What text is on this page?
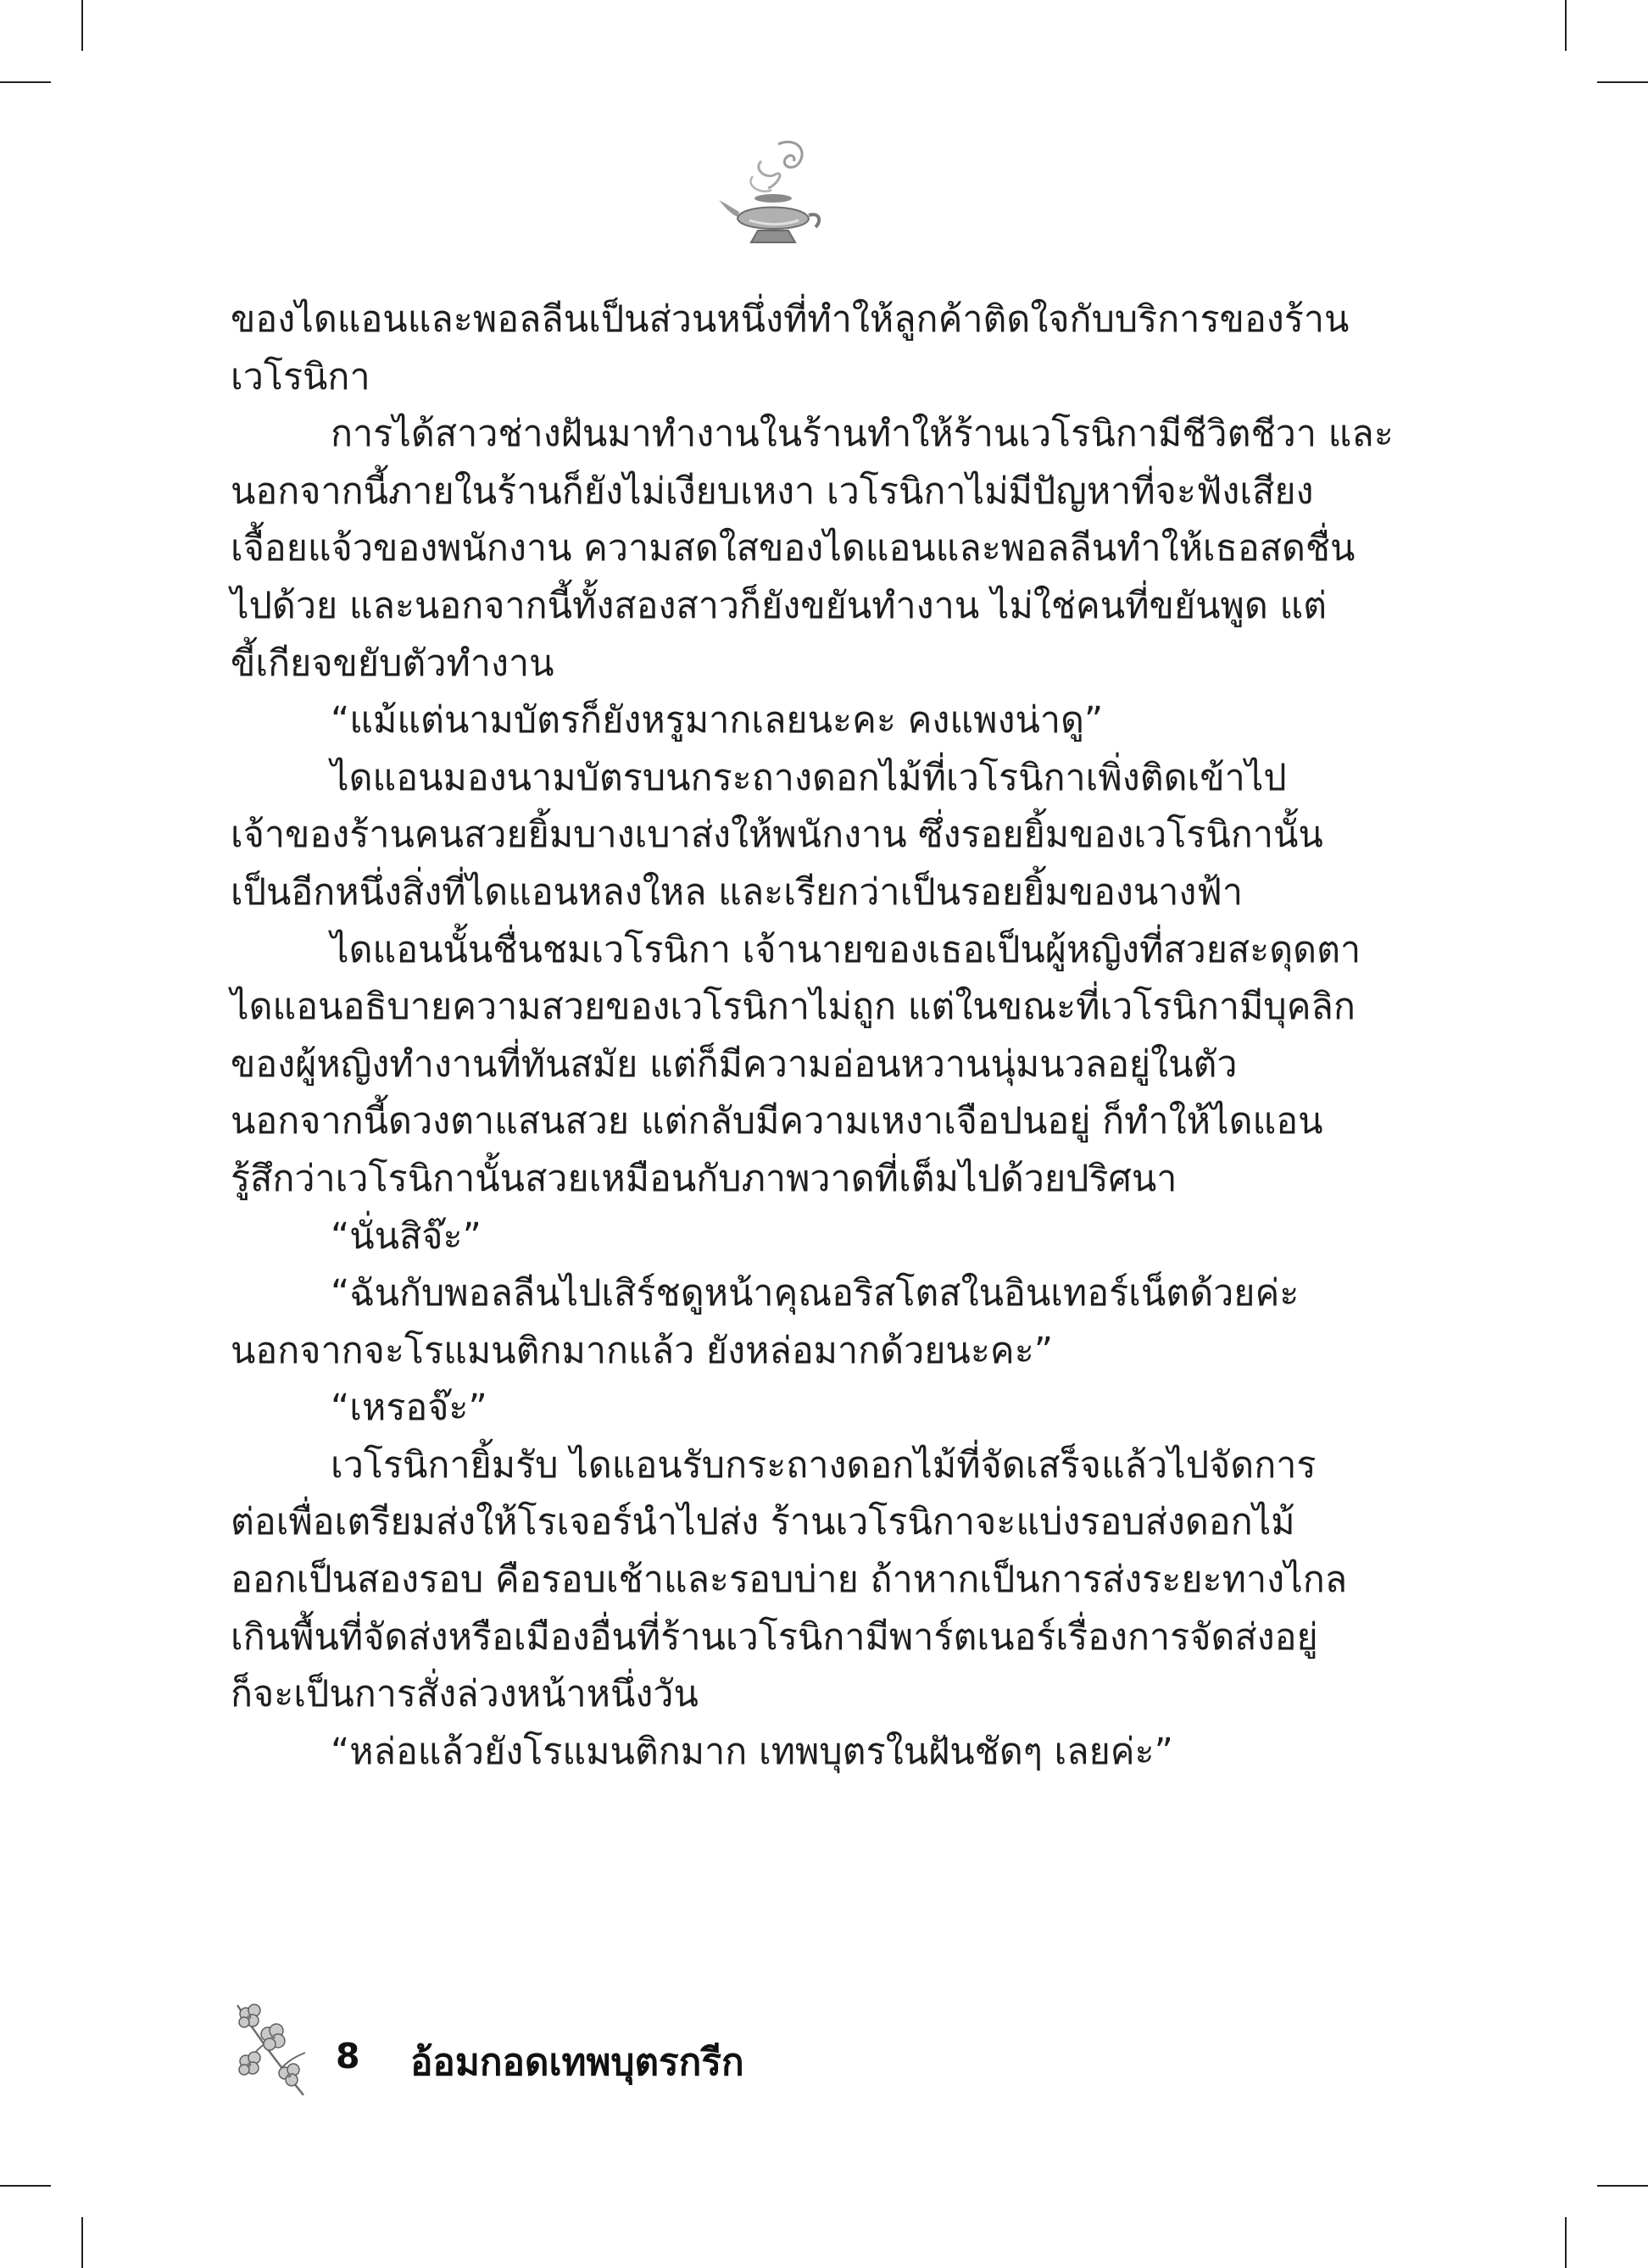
ของไดแอนและพอลลีนเป็นส่วนหนึ่งที่ทำให้ลูกค้าติดใจกับบริการของร้าน
เวโรนิกา
การได้สาวช่างฝันมาทำงานในร้านทำให้ร้านเวโรนิกามีชีวิตชีวา และ
นอกจากนี้ภายในร้านก็ยังไม่เงียบเหงา เวโรนิกาไม่มีปัญหาที่จะฟังเสียง
เจื้อยแจ้วของพนักงาน ความสดใสของไดแอนและพอลลีนทำให้เธอสดชื่น
ไปด้วย และนอกจากนี้ทั้งสองสาวก็ยังขยันทำงาน ไม่ใช่คนที่ขยันพูด แต่
ขี้เกียจขยับตัวทำงาน
“แม้แต่นามบัตรก็ยังหรูมากเลยนะคะ คงแพงน่าดู”
ไดแอนมองนามบัตรบนกระถางดอกไม้ที่เวโรนิกาเพิ่งติดเข้าไป
เจ้าของร้านคนสวยยิ้มบางเบาส่งให้พนักงาน ซึ่งรอยยิ้มของเวโรนิกานั้น
เป็นอีกหนึ่งสิ่งที่ไดแอนหลงใหล และเรียกว่าเป็นรอยยิ้มของนางฟ้า
ไดแอนนั้นชื่นชมเวโรนิกา เจ้านายของเธอเป็นผู้หญิงที่สวยสะดุดตา
ไดแอนอธิบายความสวยของเวโรนิกาไม่ถูก แต่ในขณะที่เวโรนิกามีบุคลิก
ของผู้หญิงทำงานที่ทันสมัย แต่ก็มีความอ่อนหวานนุ่มนวลอยู่ในตัว
นอกจากนี้ดวงตาแสนสวย แต่กลับมีความเหงาเจือปนอยู่ ก็ทำให้ไดแอน
รู้สึกว่าเวโรนิกานั้นสวยเหมือนกับภาพวาดที่เต็มไปด้วยปริศนา
“นั่นสิจ๊ะ”
“ฉันกับพอลลีนไปเสิร์ชดูหน้าคุณอริสโตสในอินเทอร์เน็ตด้วยค่ะ
นอกจากจะโรแมนติกมากแล้ว ยังหล่อมากด้วยนะคะ”
“เหรอจ๊ะ”
เวโรนิกายิ้มรับ ไดแอนรับกระถางดอกไม้ที่จัดเสร็จแล้วไปจัดการ
ต่อเพื่อเตรียมส่งให้โรเจอร์นำไปส่ง ร้านเวโรนิกาจะแบ่งรอบส่งดอกไม้
ออกเป็นสองรอบ คือรอบเช้าและรอบบ่าย ถ้าหากเป็นการส่งระยะทางไกล
เกินพื้นที่จัดส่งหรือเมืองอื่นที่ร้านเวโรนิกามีพาร์ตเนอร์เรื่องการจัดส่งอยู่
ก็จะเป็นการสั่งล่วงหน้าหนึ่งวัน
“หล่อแล้วยังโรแมนติกมาก เทพบุตรในฝันชัดๆ เลยค่ะ”
8 อ้อมกอดเทพบุตรกรีก
